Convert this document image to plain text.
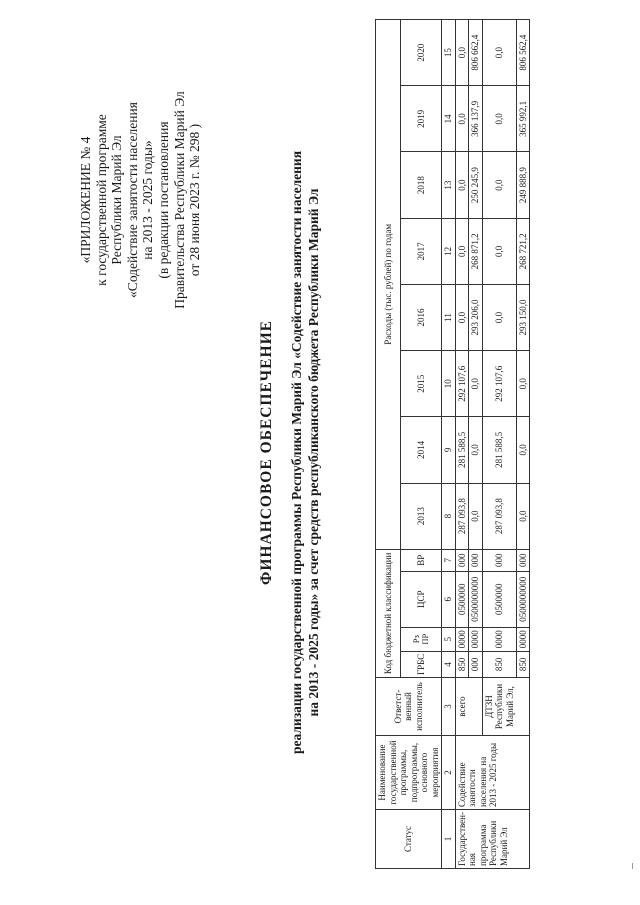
«ПРИЛОЖЕНИЕ № 4 к государственной программе Республики Марий Эл «Содействие занятости населения на 2013 - 2025 годы» (в редакции постановления Правительства Республики Марий Эл от 28 июня 2023 г. № 298 )
ФИНАНСОВОЕ ОБЕСПЕЧЕНИЕ реализации государственной программы Республики Марий Эл «Содействие занятости населения на 2013 - 2025 годы» за счет средств республиканского бюджета Республики Марий Эл
Статус	Наименование государственной программы, подпрограммы, основного мероприятия	Ответст-венный исполнитель	Код бюджетной классификации				Расходы (тыс. рублей) по годам							
			ГРБС	Рз ПР	ЦСР	ВР	2013	2014	2015	2016	2017	2018	2019	2020
1	2	3	4	5	6	7	8	9	10	11	12	13	14	15
Государствен-ная программа Республики Марий Эл	Содействие занятости населения на 2013 - 2025 годы	всего	850	0000	0500000	000	287 093,8	281 588,5	292 107,6	0,0	0,0	0,0	0,0	0,0
			000	0000	0500000000	000	0,0	0,0	0,0	293 206,0	268 871,2	250 245,9	366 137,9	806 662,4
		ДТЗН Республики Марий Эл,	850	0000	0500000	000	287 093,8	281 588,5	292 107,6	0,0	0,0	0,0	0,0	0,0
			850	0000	0500000000	000	0,0	0,0	0,0	293 150,0	268 721,2	249 888,9	365 992,1	806 562,4
